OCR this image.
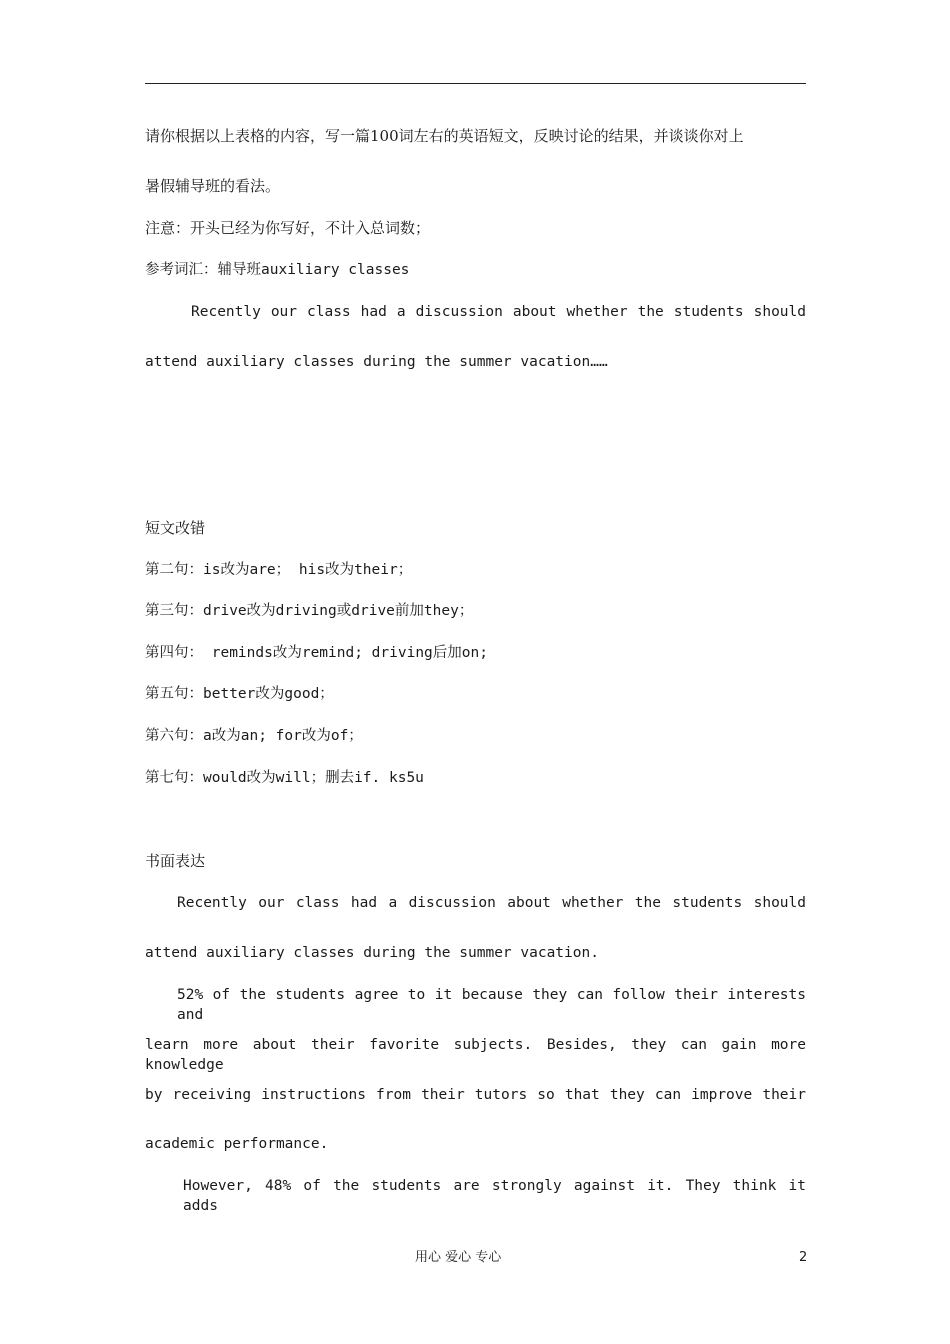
请你根据以上表格的内容，写一篇100词左右的英语短文，反映讨论的结果，并谈谈你对上
暑假辅导班的看法。
注意：开头已经为你写好，不计入总词数；
参考词汇：辅导班auxiliary classes
Recently our class had a discussion about whether the students should
attend auxiliary classes during the summer vacation……
短文改错
第二句：is改为are； his改为their；
第三句：drive改为driving或drive前加they；
第四句： reminds改为remind; driving后加on;
第五句：better改为good；
第六句：a改为an; for改为of；
第七句：would改为will；删去if. ks5u
书面表达
Recently our class had a discussion about whether the students should
attend auxiliary classes during the summer vacation.
52% of the students agree to it because they can follow their interests and
learn more about their favorite subjects. Besides, they can gain more knowledge
by receiving instructions from their tutors so that they can improve their
academic performance.
However, 48% of the students are strongly against it. They think it adds
用心 爱心 专心	2
